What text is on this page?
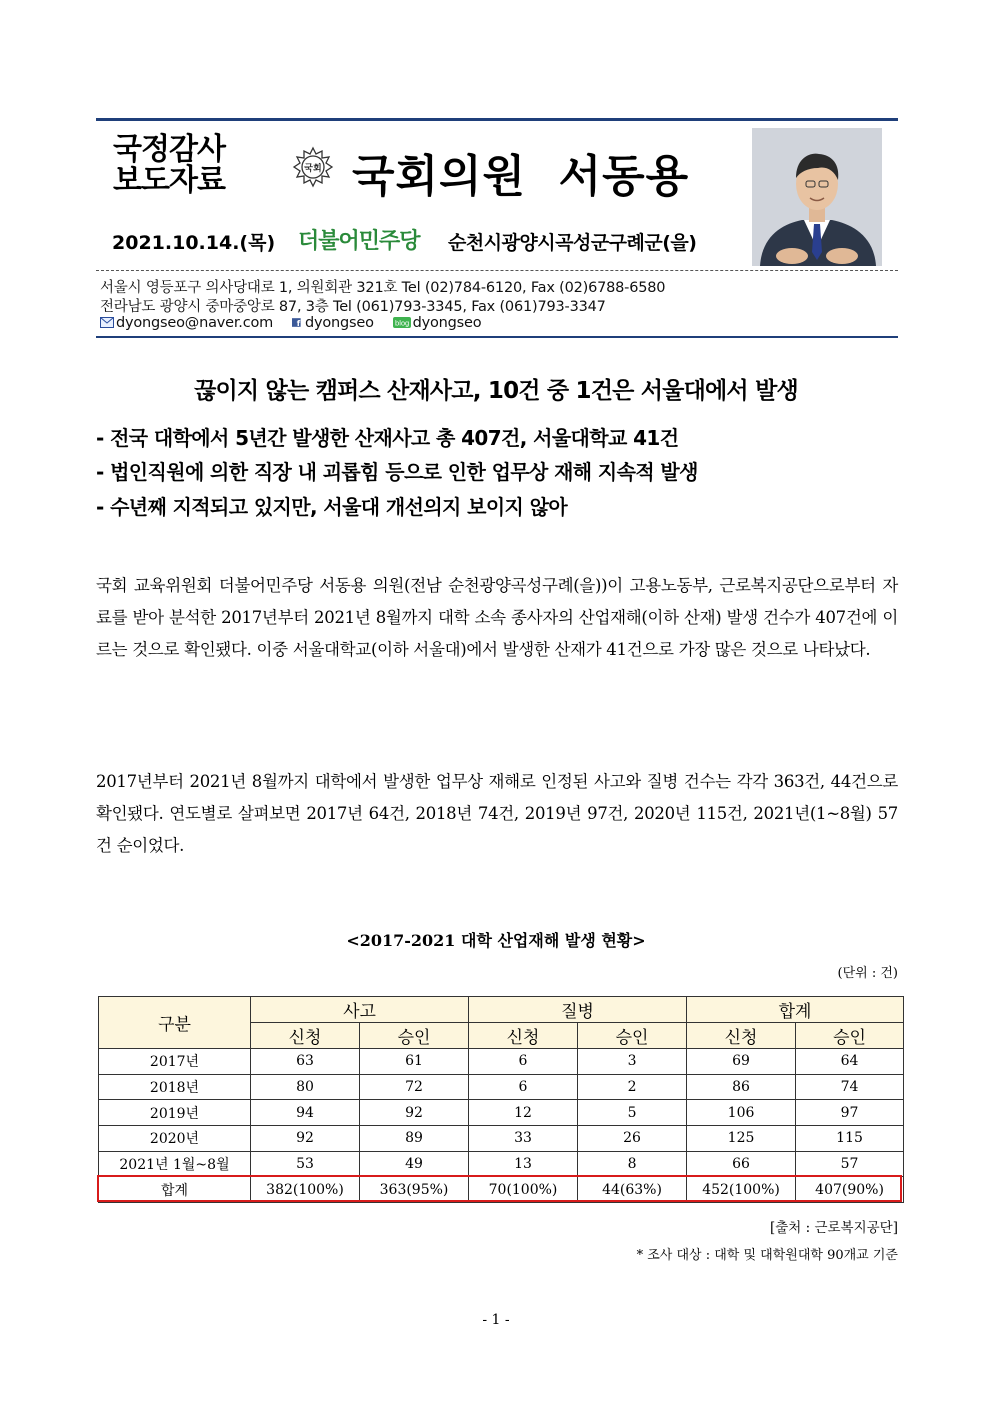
국정감사
보도자료	국회 국회의원  서동용
2021.10.14.(목) 더불어민주당 순천시광양시곡성군구례군(을)
서울시 영등포구 의사당대로 1, 의원회관 321호 Tel (02)784-6120, Fax (02)6788-6580
전라남도 광양시 중마중앙로 87, 3층 Tel (061)793-3345, Fax (061)793-3347
dyongseo@naver.com f dyongseo	blog dyongseo
끊이지 않는 캠퍼스 산재사고, 10건 중 1건은 서울대에서 발생
- 전국 대학에서 5년간 발생한 산재사고 총 407건, 서울대학교 41건
- 법인직원에 의한 직장 내 괴롭힘 등으로 인한 업무상 재해 지속적 발생
- 수년째 지적되고 있지만, 서울대 개선의지 보이지 않아
국회 교육위원회 더불어민주당 서동용 의원(전남 순천광양곡성구례(을))이 고용노동부, 근로복지공단으로부터 자료를 받아 분석한 2017년부터 2021년 8월까지 대학 소속 종사자의 산업재해(이하 산재) 발생 건수가 407건에 이르는 것으로 확인됐다. 이중 서울대학교(이하 서울대)에서 발생한 산재가 41건으로 가장 많은 것으로 나타났다.
2017년부터 2021년 8월까지 대학에서 발생한 업무상 재해로 인정된 사고와 질병 건수는 각각 363건, 44건으로 확인됐다. 연도별로 살펴보면 2017년 64건, 2018년 74건, 2019년 97건, 2020년 115건, 2021년(1~8월) 57건 순이었다.
<2017-2021 대학 산업재해 발생 현황>
(단위 : 건)
구분	사고		질병		합계	
	신청	승인	신청	승인	신청	승인
2017년	63	61	6	3	69	64
2018년	80	72	6	2	86	74
2019년	94	92	12	5	106	97
2020년	92	89	33	26	125	115
2021년 1월~8월	53	49	13	8	66	57
합계	382(100%)	363(95%)	70(100%)	44(63%)	452(100%)	407(90%)
[출처 : 근로복지공단]
* 조사 대상 : 대학 및 대학원대학 90개교 기준
- 1 -
